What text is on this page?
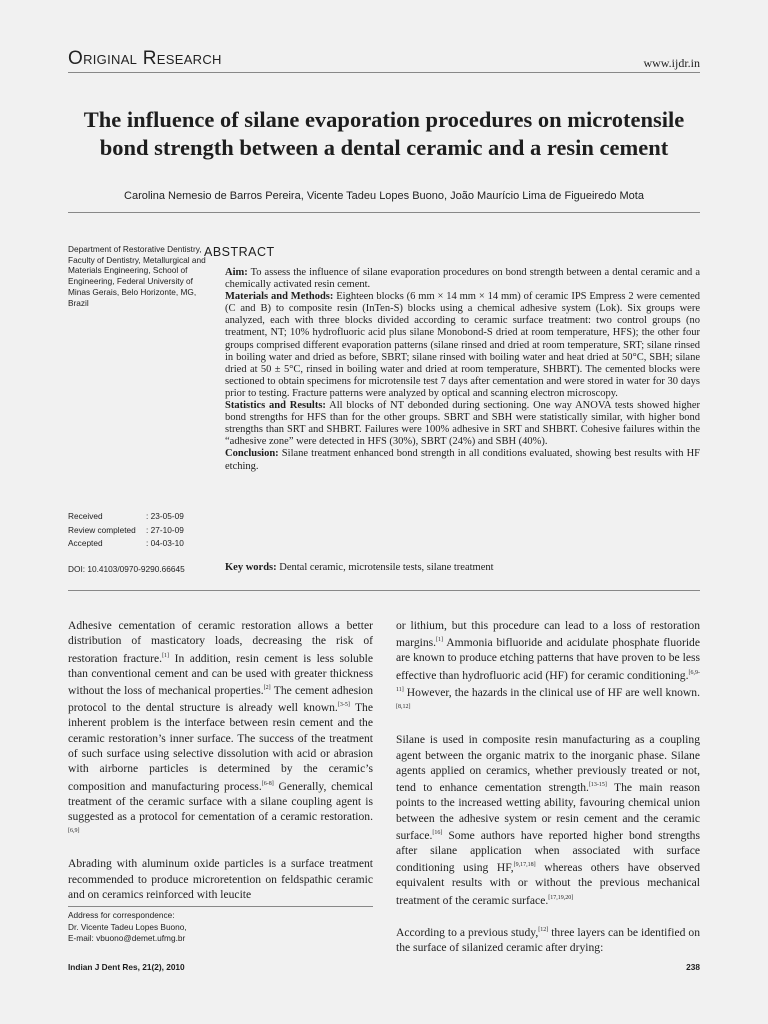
Original Research	www.ijdr.in
The influence of silane evaporation procedures on microtensile bond strength between a dental ceramic and a resin cement
Carolina Nemesio de Barros Pereira, Vicente Tadeu Lopes Buono, João Maurício Lima de Figueiredo Mota
Department of Restorative Dentistry, Faculty of Dentistry, Metallurgical and Materials Engineering, School of Engineering, Federal University of Minas Gerais, Belo Horizonte, MG, Brazil
Received	: 23-05-09
Review completed	: 27-10-09
Accepted	: 04-03-10
DOI: 10.4103/0970-9290.66645
ABSTRACT

Aim: To assess the influence of silane evaporation procedures on bond strength between a dental ceramic and a chemically activated resin cement.

Materials and Methods: Eighteen blocks (6 mm × 14 mm × 14 mm) of ceramic IPS Empress 2 were cemented (C and B) to composite resin (InTen-S) blocks using a chemical adhesive system (Lok). Six groups were analyzed, each with three blocks divided according to ceramic surface treatment: two control groups (no treatment, NT; 10% hydrofluoric acid plus silane Monobond-S dried at room temperature, HFS); the other four groups comprised different evaporation patterns (silane rinsed and dried at room temperature, SRT; silane rinsed in boiling water and dried as before, SBRT; silane rinsed with boiling water and heat dried at 50°C, SBH; silane dried at 50 ± 5°C, rinsed in boiling water and dried at room temperature, SHBRT). The cemented blocks were sectioned to obtain specimens for microtensile test 7 days after cementation and were stored in water for 30 days prior to testing. Fracture patterns were analyzed by optical and scanning electron microscopy.

Statistics and Results: All blocks of NT debonded during sectioning. One way ANOVA tests showed higher bond strengths for HFS than for the other groups. SBRT and SBH were statistically similar, with higher bond strengths than SRT and SHBRT. Failures were 100% adhesive in SRT and SHBRT. Cohesive failures within the “adhesive zone” were detected in HFS (30%), SBRT (24%) and SBH (40%).

Conclusion: Silane treatment enhanced bond strength in all conditions evaluated, showing best results with HF etching.

Key words: Dental ceramic, microtensile tests, silane treatment

Adhesive cementation of ceramic restoration allows a better distribution of masticatory loads, decreasing the risk of restoration fracture.[1] In addition, resin cement is less soluble than conventional cement and can be used with greater thickness without the loss of mechanical properties.[2] The cement adhesion protocol to the dental structure is already well known.[3-5] The inherent problem is the interface between resin cement and the ceramic restoration’s inner surface. The success of the treatment of such surface using selective dissolution with acid or abrasion with airborne particles is determined by the ceramic’s composition and manufacturing process.[6-8] Generally, chemical treatment of the ceramic surface with a silane coupling agent is suggested as a protocol for cementation of a ceramic restoration.[6,9]

Abrading with aluminum oxide particles is a surface treatment recommended to produce microretention on feldspathic ceramic and on ceramics reinforced with leucite

Address for correspondence:
Dr. Vicente Tadeu Lopes Buono,
E-mail: vbuono@demet.ufmg.br

or lithium, but this procedure can lead to a loss of restoration margins.[1] Ammonia bifluoride and acidulate phosphate fluoride are known to produce etching patterns that have proven to be less effective than hydrofluoric acid (HF) for ceramic conditioning.[6,9-11] However, the hazards in the clinical use of HF are well known.[8,12]

Silane is used in composite resin manufacturing as a coupling agent between the organic matrix to the inorganic phase. Silane agents applied on ceramics, whether previously treated or not, tend to enhance cementation strength.[13-15] The main reason points to the increased wetting ability, favouring chemical union between the adhesive system or resin cement and the ceramic surface.[16] Some authors have reported higher bond strengths after silane application when associated with surface conditioning using HF,[9,17,18] whereas others have observed equivalent results with or without the previous mechanical treatment of the ceramic surface.[17,19,20]

According to a previous study,[12] three layers can be identified on the surface of silanized ceramic after drying:

Indian J Dent Res, 21(2), 2010	238
